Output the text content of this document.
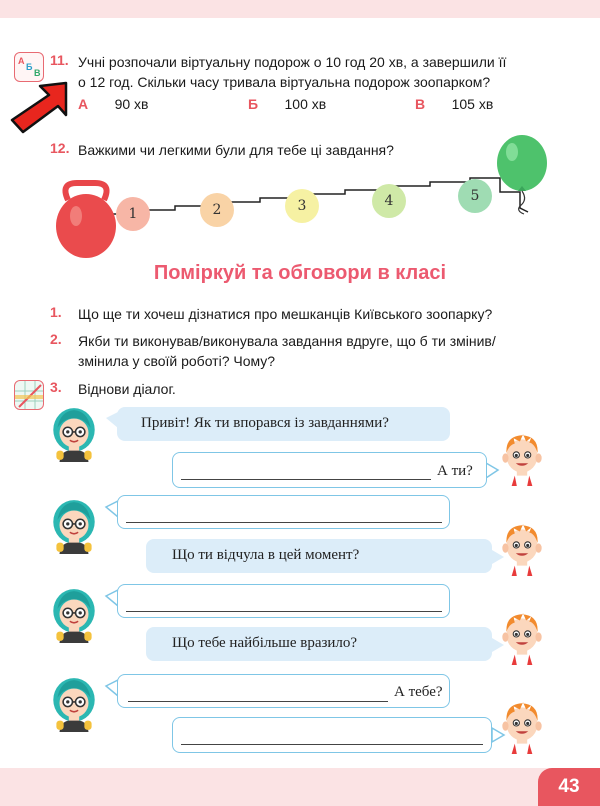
43
А
Б
В
11. Учні розпочали віртуальну подорож о 10 год 20 хв, а завершили її
о 12 год. Скільки часу тривала віртуальна подорож зоопарком?
А 90 хв	Б 100 хв	В 105 хв
12. Важкими чи легкими були для тебе ці завдання?
1	2	3	4	5
Поміркуй та обговори в класі
1. Що ще ти хочеш дізнатися про мешканців Київського зоопарку?
2. Якби ти виконував/виконувала завдання вдруге, що б ти змінив/
змінила у своїй роботі? Чому?
3. Віднови діалог.
Привіт! Як ти впорався із завданнями?
А ти?
Що ти відчула в цей момент?
Що тебе найбільше вразило?
А тебе?
